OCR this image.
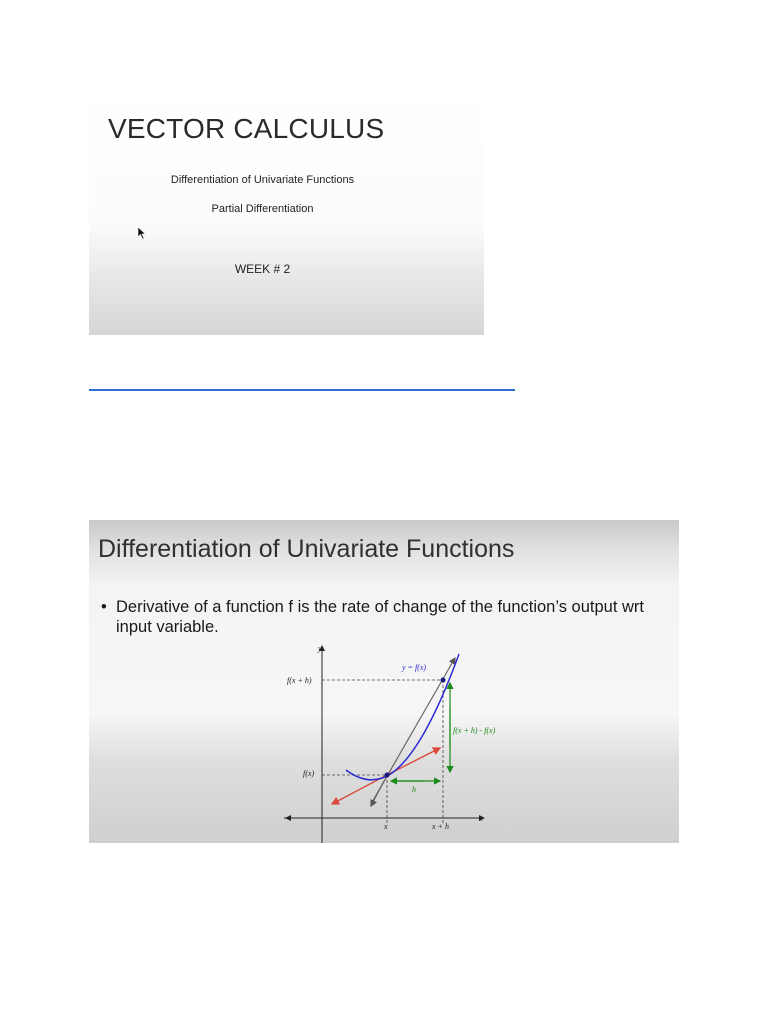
VECTOR CALCULUS
Differentiation of Univariate Functions
Partial Differentiation
WEEK # 2
Differentiation of Univariate Functions
• Derivative of a function f is the rate of change of the function’s output wrt input variable.
y
x
y = f(x)
f(x + h)
f(x)
f(x + h) - f(x)
h
x	x + h
